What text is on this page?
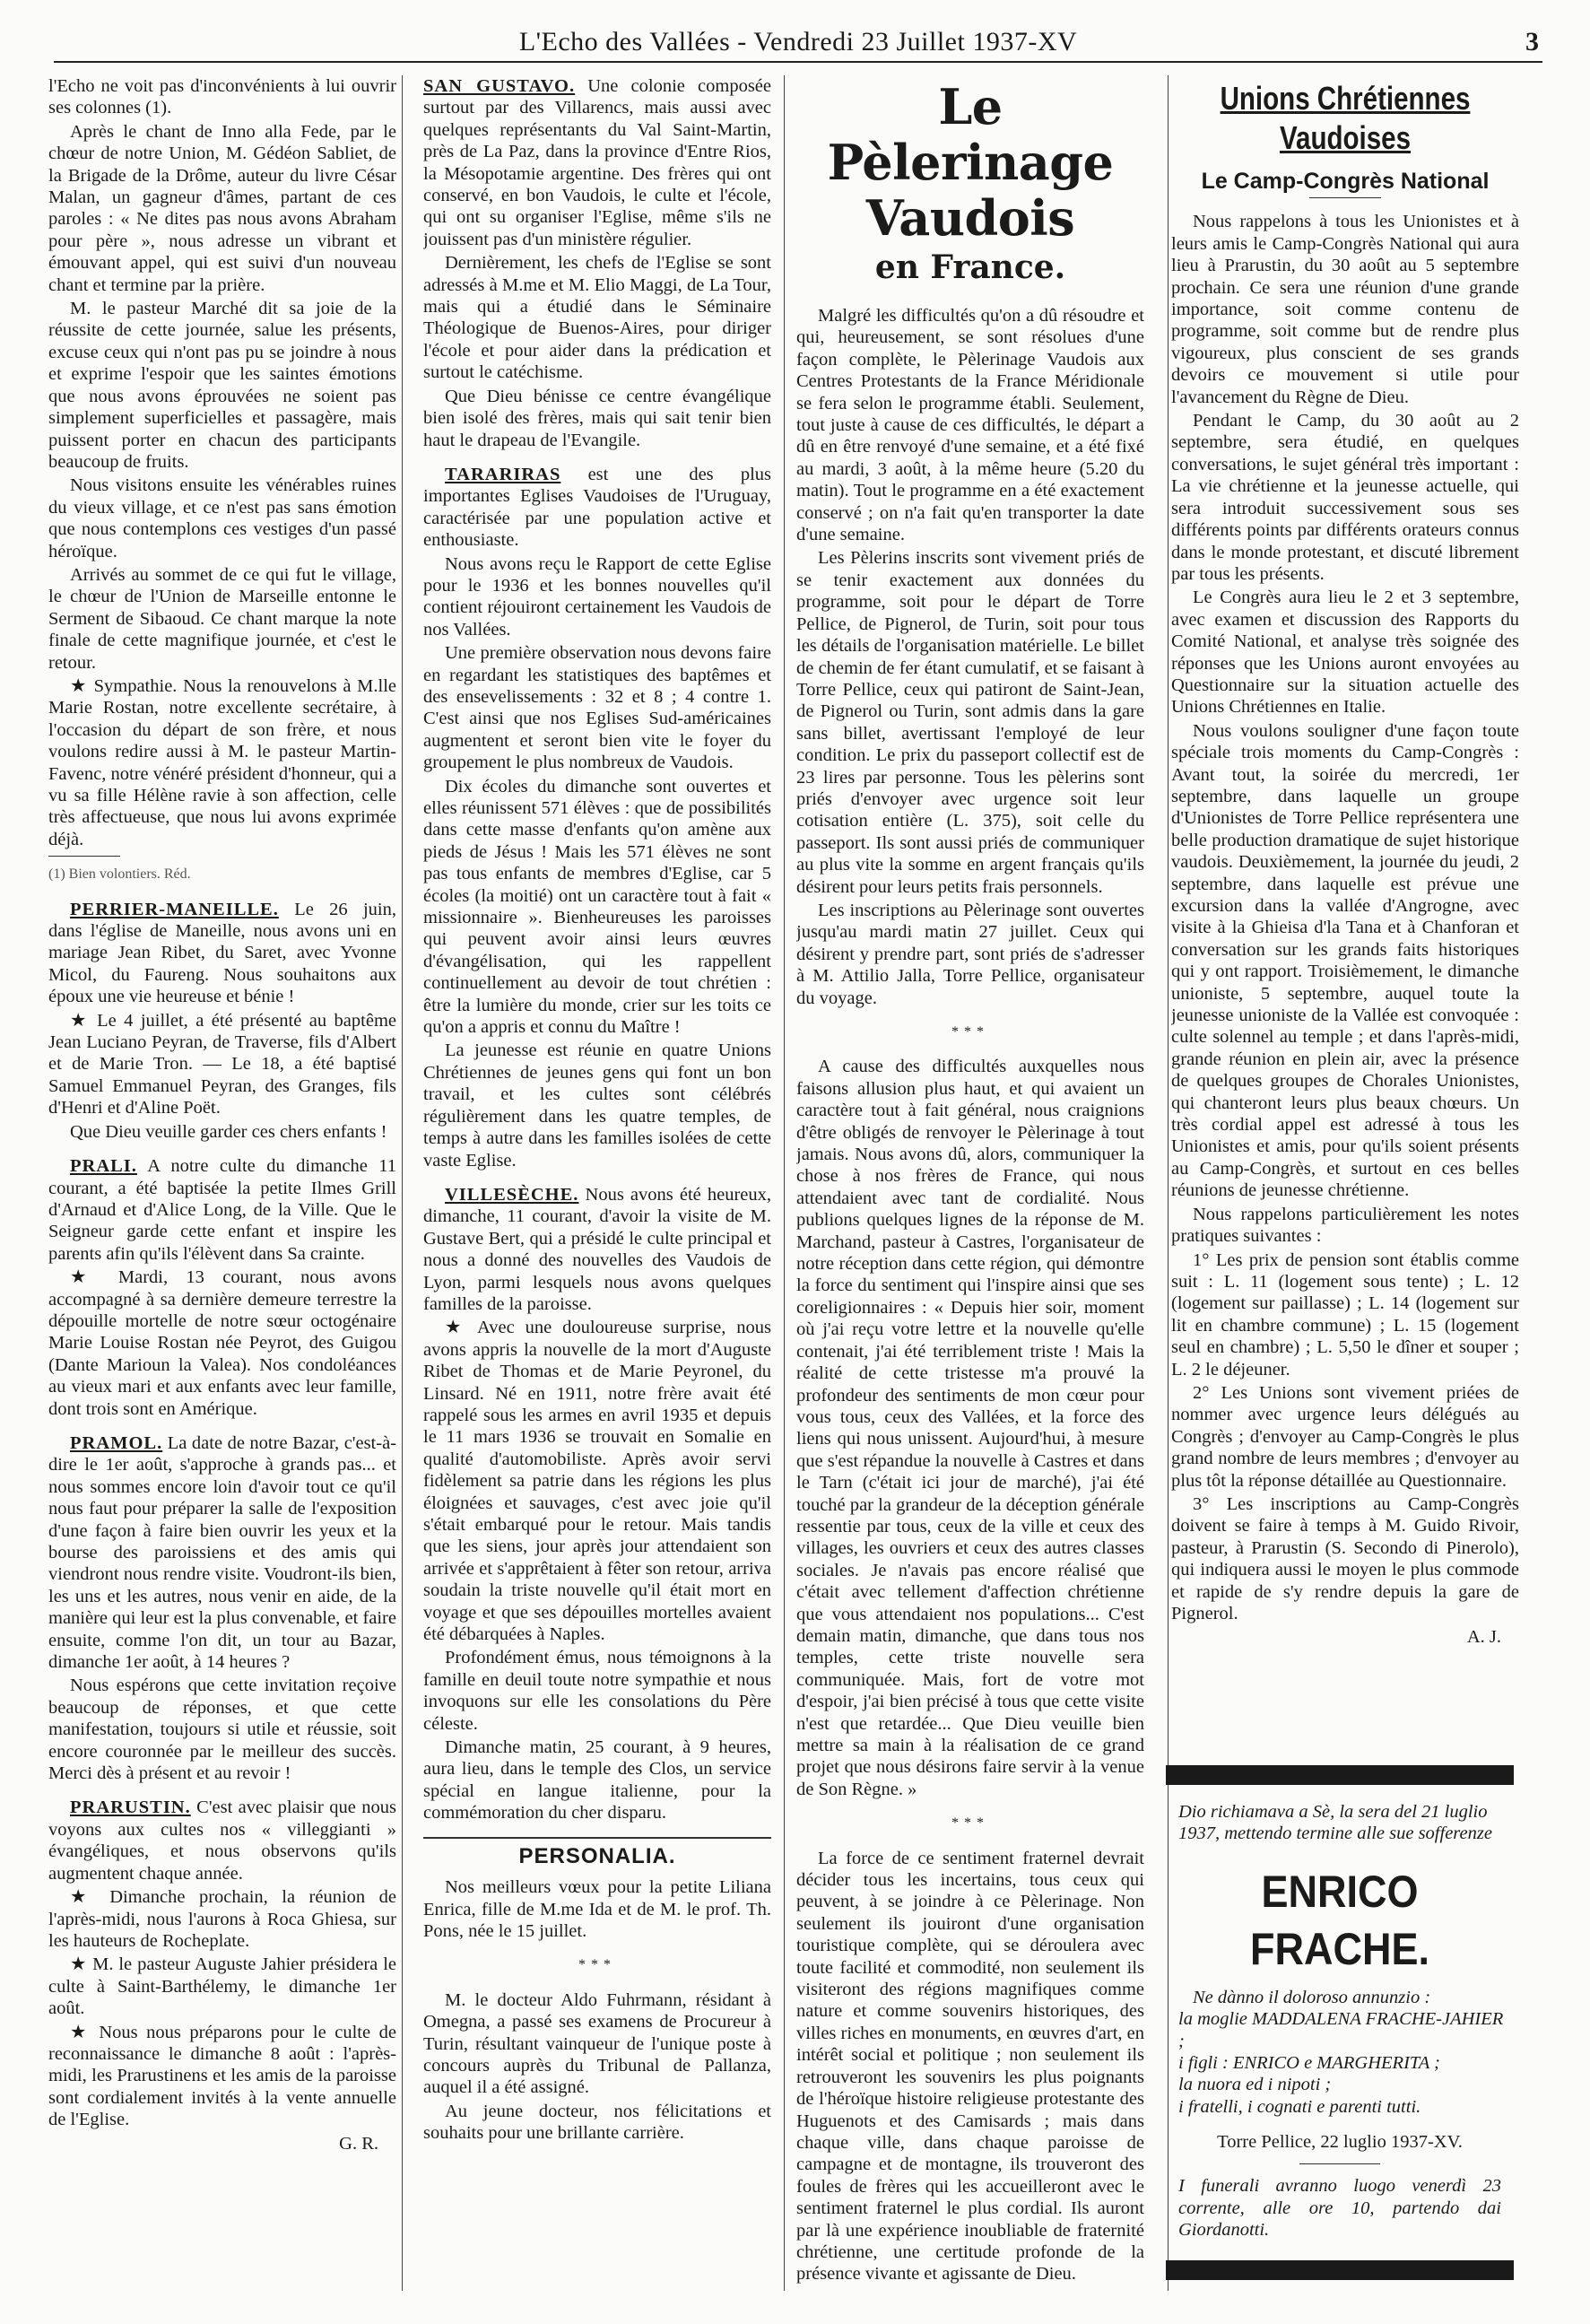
L'Echo des Vallées - Vendredi 23 Juillet 1937-XV	3

l'Echo ne voit pas d'inconvénients à lui ouvrir ses colonnes (1).

Après le chant de Inno alla Fede, par le chœur de notre Union, M. Gédéon Sabliet, de la Brigade de la Drôme, auteur du livre César Malan, un gagneur d'âmes, partant de ces paroles : « Ne dites pas nous avons Abraham pour père », nous adresse un vibrant et émouvant appel, qui est suivi d'un nouveau chant et termine par la prière.

M. le pasteur Marché dit sa joie de la réussite de cette journée, salue les présents, excuse ceux qui n'ont pas pu se joindre à nous et exprime l'espoir que les saintes émotions que nous avons éprouvées ne soient pas simplement superficielles et passagère, mais puissent porter en chacun des participants beaucoup de fruits.

Nous visitons ensuite les vénérables ruines du vieux village, et ce n'est pas sans émotion que nous contemplons ces vestiges d'un passé héroïque.

Arrivés au sommet de ce qui fut le village, le chœur de l'Union de Marseille entonne le Serment de Sibaoud. Ce chant marque la note finale de cette magnifique journée, et c'est le retour.

★ Sympathie. Nous la renouvelons à M.lle Marie Rostan, notre excellente secrétaire, à l'occasion du départ de son frère, et nous voulons redire aussi à M. le pasteur Martin-Favenc, notre vénéré président d'honneur, qui a vu sa fille Hélène ravie à son affection, celle très affectueuse, que nous lui avons exprimée déjà.

(1) Bien volontiers. Réd.

PERRIER-MANEILLE. Le 26 juin, dans l'église de Maneille, nous avons uni en mariage Jean Ribet, du Saret, avec Yvonne Micol, du Faureng. Nous souhaitons aux époux une vie heureuse et bénie !

★ Le 4 juillet, a été présenté au baptême Jean Luciano Peyran, de Traverse, fils d'Albert et de Marie Tron. — Le 18, a été baptisé Samuel Emmanuel Peyran, des Granges, fils d'Henri et d'Aline Poët.

Que Dieu veuille garder ces chers enfants !

PRALI. A notre culte du dimanche 11 courant, a été baptisée la petite Ilmes Grill d'Arnaud et d'Alice Long, de la Ville. Que le Seigneur garde cette enfant et inspire les parents afin qu'ils l'élèvent dans Sa crainte.

★ Mardi, 13 courant, nous avons accompagné à sa dernière demeure terrestre la dépouille mortelle de notre sœur octogénaire Marie Louise Rostan née Peyrot, des Guigou (Dante Marioun la Valea). Nos condoléances au vieux mari et aux enfants avec leur famille, dont trois sont en Amérique.

PRAMOL. La date de notre Bazar, c'est-à-dire le 1er août, s'approche à grands pas... et nous sommes encore loin d'avoir tout ce qu'il nous faut pour préparer la salle de l'exposition d'une façon à faire bien ouvrir les yeux et la bourse des paroissiens et des amis qui viendront nous rendre visite. Voudront-ils bien, les uns et les autres, nous venir en aide, de la manière qui leur est la plus convenable, et faire ensuite, comme l'on dit, un tour au Bazar, dimanche 1er août, à 14 heures ?

Nous espérons que cette invitation reçoive beaucoup de réponses, et que cette manifestation, toujours si utile et réussie, soit encore couronnée par le meilleur des succès. Merci dès à présent et au revoir !

PRARUSTIN. C'est avec plaisir que nous voyons aux cultes nos « villeggianti » évangéliques, et nous observons qu'ils augmentent chaque année.

★ Dimanche prochain, la réunion de l'après-midi, nous l'aurons à Roca Ghiesa, sur les hauteurs de Rocheplate.

★ M. le pasteur Auguste Jahier présidera le culte à Saint-Barthélemy, le dimanche 1er août.

★ Nous nous préparons pour le culte de reconnaissance le dimanche 8 août : l'après-midi, les Prarustinens et les amis de la paroisse sont cordialement invités à la vente annuelle de l'Eglise.

G. R.

SAN GUSTAVO. Une colonie composée surtout par des Villarencs, mais aussi avec quelques représentants du Val Saint-Martin, près de La Paz, dans la province d'Entre Rios, la Mésopotamie argentine. Des frères qui ont conservé, en bon Vaudois, le culte et l'école, qui ont su organiser l'Eglise, même s'ils ne jouissent pas d'un ministère régulier.

Dernièrement, les chefs de l'Eglise se sont adressés à M.me et M. Elio Maggi, de La Tour, mais qui a étudié dans le Séminaire Théologique de Buenos-Aires, pour diriger l'école et pour aider dans la prédication et surtout le catéchisme.

Que Dieu bénisse ce centre évangélique bien isolé des frères, mais qui sait tenir bien haut le drapeau de l'Evangile.

TARARIRAS est une des plus importantes Eglises Vaudoises de l'Uruguay, caractérisée par une population active et enthousiaste.

Nous avons reçu le Rapport de cette Eglise pour le 1936 et les bonnes nouvelles qu'il contient réjouiront certainement les Vaudois de nos Vallées.

Une première observation nous devons faire en regardant les statistiques des baptêmes et des ensevelissements : 32 et 8 ; 4 contre 1. C'est ainsi que nos Eglises Sud-américaines augmentent et seront bien vite le foyer du groupement le plus nombreux de Vaudois.

Dix écoles du dimanche sont ouvertes et elles réunissent 571 élèves : que de possibilités dans cette masse d'enfants qu'on amène aux pieds de Jésus ! Mais les 571 élèves ne sont pas tous enfants de membres d'Eglise, car 5 écoles (la moitié) ont un caractère tout à fait « missionnaire ». Bienheureuses les paroisses qui peuvent avoir ainsi leurs œuvres d'évangélisation, qui les rappellent continuellement au devoir de tout chrétien : être la lumière du monde, crier sur les toits ce qu'on a appris et connu du Maître !

La jeunesse est réunie en quatre Unions Chrétiennes de jeunes gens qui font un bon travail, et les cultes sont célébrés régulièrement dans les quatre temples, de temps à autre dans les familles isolées de cette vaste Eglise.

VILLESÈCHE. Nous avons été heureux, dimanche, 11 courant, d'avoir la visite de M. Gustave Bert, qui a présidé le culte principal et nous a donné des nouvelles des Vaudois de Lyon, parmi lesquels nous avons quelques familles de la paroisse.

★ Avec une douloureuse surprise, nous avons appris la nouvelle de la mort d'Auguste Ribet de Thomas et de Marie Peyronel, du Linsard. Né en 1911, notre frère avait été rappelé sous les armes en avril 1935 et depuis le 11 mars 1936 se trouvait en Somalie en qualité d'automobiliste. Après avoir servi fidèlement sa patrie dans les régions les plus éloignées et sauvages, c'est avec joie qu'il s'était embarqué pour le retour. Mais tandis que les siens, jour après jour attendaient son arrivée et s'apprêtaient à fêter son retour, arriva soudain la triste nouvelle qu'il était mort en voyage et que ses dépouilles mortelles avaient été débarquées à Naples.

Profondément émus, nous témoignons à la famille en deuil toute notre sympathie et nous invoquons sur elle les consolations du Père céleste.

Dimanche matin, 25 courant, à 9 heures, aura lieu, dans le temple des Clos, un service spécial en langue italienne, pour la commémoration du cher disparu.

PERSONALIA.

Nos meilleurs vœux pour la petite Liliana Enrica, fille de M.me Ida et de M. le prof. Th. Pons, née le 15 juillet.

***

M. le docteur Aldo Fuhrmann, résidant à Omegna, a passé ses examens de Procureur à Turin, résultant vainqueur de l'unique poste à concours auprès du Tribunal de Pallanza, auquel il a été assigné.

Au jeune docteur, nos félicitations et souhaits pour une brillante carrière.

Le Pèlerinage Vaudois
en France.

Malgré les difficultés qu'on a dû résoudre et qui, heureusement, se sont résolues d'une façon complète, le Pèlerinage Vaudois aux Centres Protestants de la France Méridionale se fera selon le programme établi. Seulement, tout juste à cause de ces difficultés, le départ a dû en être renvoyé d'une semaine, et a été fixé au mardi, 3 août, à la même heure (5.20 du matin). Tout le programme en a été exactement conservé ; on n'a fait qu'en transporter la date d'une semaine.

Les Pèlerins inscrits sont vivement priés de se tenir exactement aux données du programme, soit pour le départ de Torre Pellice, de Pignerol, de Turin, soit pour tous les détails de l'organisation matérielle. Le billet de chemin de fer étant cumulatif, et se faisant à Torre Pellice, ceux qui patiront de Saint-Jean, de Pignerol ou Turin, sont admis dans la gare sans billet, avertissant l'employé de leur condition. Le prix du passeport collectif est de 23 lires par personne. Tous les pèlerins sont priés d'envoyer avec urgence soit leur cotisation entière (L. 375), soit celle du passeport. Ils sont aussi priés de communiquer au plus vite la somme en argent français qu'ils désirent pour leurs petits frais personnels.

Les inscriptions au Pèlerinage sont ouvertes jusqu'au mardi matin 27 juillet. Ceux qui désirent y prendre part, sont priés de s'adresser à M. Attilio Jalla, Torre Pellice, organisateur du voyage.

***

A cause des difficultés auxquelles nous faisons allusion plus haut, et qui avaient un caractère tout à fait général, nous craignions d'être obligés de renvoyer le Pèlerinage à tout jamais. Nous avons dû, alors, communiquer la chose à nos frères de France, qui nous attendaient avec tant de cordialité. Nous publions quelques lignes de la réponse de M. Marchand, pasteur à Castres, l'organisateur de notre réception dans cette région, qui démontre la force du sentiment qui l'inspire ainsi que ses coreligionnaires : « Depuis hier soir, moment où j'ai reçu votre lettre et la nouvelle qu'elle contenait, j'ai été terriblement triste ! Mais la réalité de cette tristesse m'a prouvé la profondeur des sentiments de mon cœur pour vous tous, ceux des Vallées, et la force des liens qui nous unissent. Aujourd'hui, à mesure que s'est répandue la nouvelle à Castres et dans le Tarn (c'était ici jour de marché), j'ai été touché par la grandeur de la déception générale ressentie par tous, ceux de la ville et ceux des villages, les ouvriers et ceux des autres classes sociales. Je n'avais pas encore réalisé que c'était avec tellement d'affection chrétienne que vous attendaient nos populations... C'est demain matin, dimanche, que dans tous nos temples, cette triste nouvelle sera communiquée. Mais, fort de votre mot d'espoir, j'ai bien précisé à tous que cette visite n'est que retardée... Que Dieu veuille bien mettre sa main à la réalisation de ce grand projet que nous désirons faire servir à la venue de Son Règne. »

***

La force de ce sentiment fraternel devrait décider tous les incertains, tous ceux qui peuvent, à se joindre à ce Pèlerinage. Non seulement ils jouiront d'une organisation touristique complète, qui se déroulera avec toute facilité et commodité, non seulement ils visiteront des régions magnifiques comme nature et comme souvenirs historiques, des villes riches en monuments, en œuvres d'art, en intérêt social et politique ; non seulement ils retrouveront les souvenirs les plus poignants de l'héroïque histoire religieuse protestante des Huguenots et des Camisards ; mais dans chaque ville, dans chaque paroisse de campagne et de montagne, ils trouveront des foules de frères qui les accueilleront avec le sentiment fraternel le plus cordial. Ils auront par là une expérience inoubliable de fraternité chrétienne, une certitude profonde de la présence vivante et agissante de Dieu.

Unions Chrétiennes Vaudoises
Le Camp-Congrès National

Nous rappelons à tous les Unionistes et à leurs amis le Camp-Congrès National qui aura lieu à Prarustin, du 30 août au 5 septembre prochain. Ce sera une réunion d'une grande importance, soit comme contenu de programme, soit comme but de rendre plus vigoureux, plus conscient de ses grands devoirs ce mouvement si utile pour l'avancement du Règne de Dieu.

Pendant le Camp, du 30 août au 2 septembre, sera étudié, en quelques conversations, le sujet général très important : La vie chrétienne et la jeunesse actuelle, qui sera introduit successivement sous ses différents points par différents orateurs connus dans le monde protestant, et discuté librement par tous les présents.

Le Congrès aura lieu le 2 et 3 septembre, avec examen et discussion des Rapports du Comité National, et analyse très soignée des réponses que les Unions auront envoyées au Questionnaire sur la situation actuelle des Unions Chrétiennes en Italie.

Nous voulons souligner d'une façon toute spéciale trois moments du Camp-Congrès : Avant tout, la soirée du mercredi, 1er septembre, dans laquelle un groupe d'Unionistes de Torre Pellice représentera une belle production dramatique de sujet historique vaudois. Deuxièmement, la journée du jeudi, 2 septembre, dans laquelle est prévue une excursion dans la vallée d'Angrogne, avec visite à la Ghieisa d'la Tana et à Chanforan et conversation sur les grands faits historiques qui y ont rapport. Troisièmement, le dimanche unioniste, 5 septembre, auquel toute la jeunesse unioniste de la Vallée est convoquée : culte solennel au temple ; et dans l'après-midi, grande réunion en plein air, avec la présence de quelques groupes de Chorales Unionistes, qui chanteront leurs plus beaux chœurs. Un très cordial appel est adressé à tous les Unionistes et amis, pour qu'ils soient présents au Camp-Congrès, et surtout en ces belles réunions de jeunesse chrétienne.

Nous rappelons particulièrement les notes pratiques suivantes :

1° Les prix de pension sont établis comme suit : L. 11 (logement sous tente) ; L. 12 (logement sur paillasse) ; L. 14 (logement sur lit en chambre commune) ; L. 15 (logement seul en chambre) ; L. 5,50 le dîner et souper ; L. 2 le déjeuner.

2° Les Unions sont vivement priées de nommer avec urgence leurs délégués au Congrès ; d'envoyer au Camp-Congrès le plus grand nombre de leurs membres ; d'envoyer au plus tôt la réponse détaillée au Questionnaire.

3° Les inscriptions au Camp-Congrès doivent se faire à temps à M. Guido Rivoir, pasteur, à Prarustin (S. Secondo di Pinerolo), qui indiquera aussi le moyen le plus commode et rapide de s'y rendre depuis la gare de Pignerol.

A. J.
Dio richiamava a Sè, la sera del 21 luglio 1937, mettendo termine alle sue sofferenze
ENRICO FRACHE.
Ne dànno il doloroso annunzio :
la moglie MADDALENA FRACHE-JAHIER ;
i figli : ENRICO e MARGHERITA ;
la nuora ed i nipoti ;
i fratelli, i cognati e parenti tutti.
Torre Pellice, 22 luglio 1937-XV.
I funerali avranno luogo venerdì 23 corrente, alle ore 10, partendo dai Giordanotti.
